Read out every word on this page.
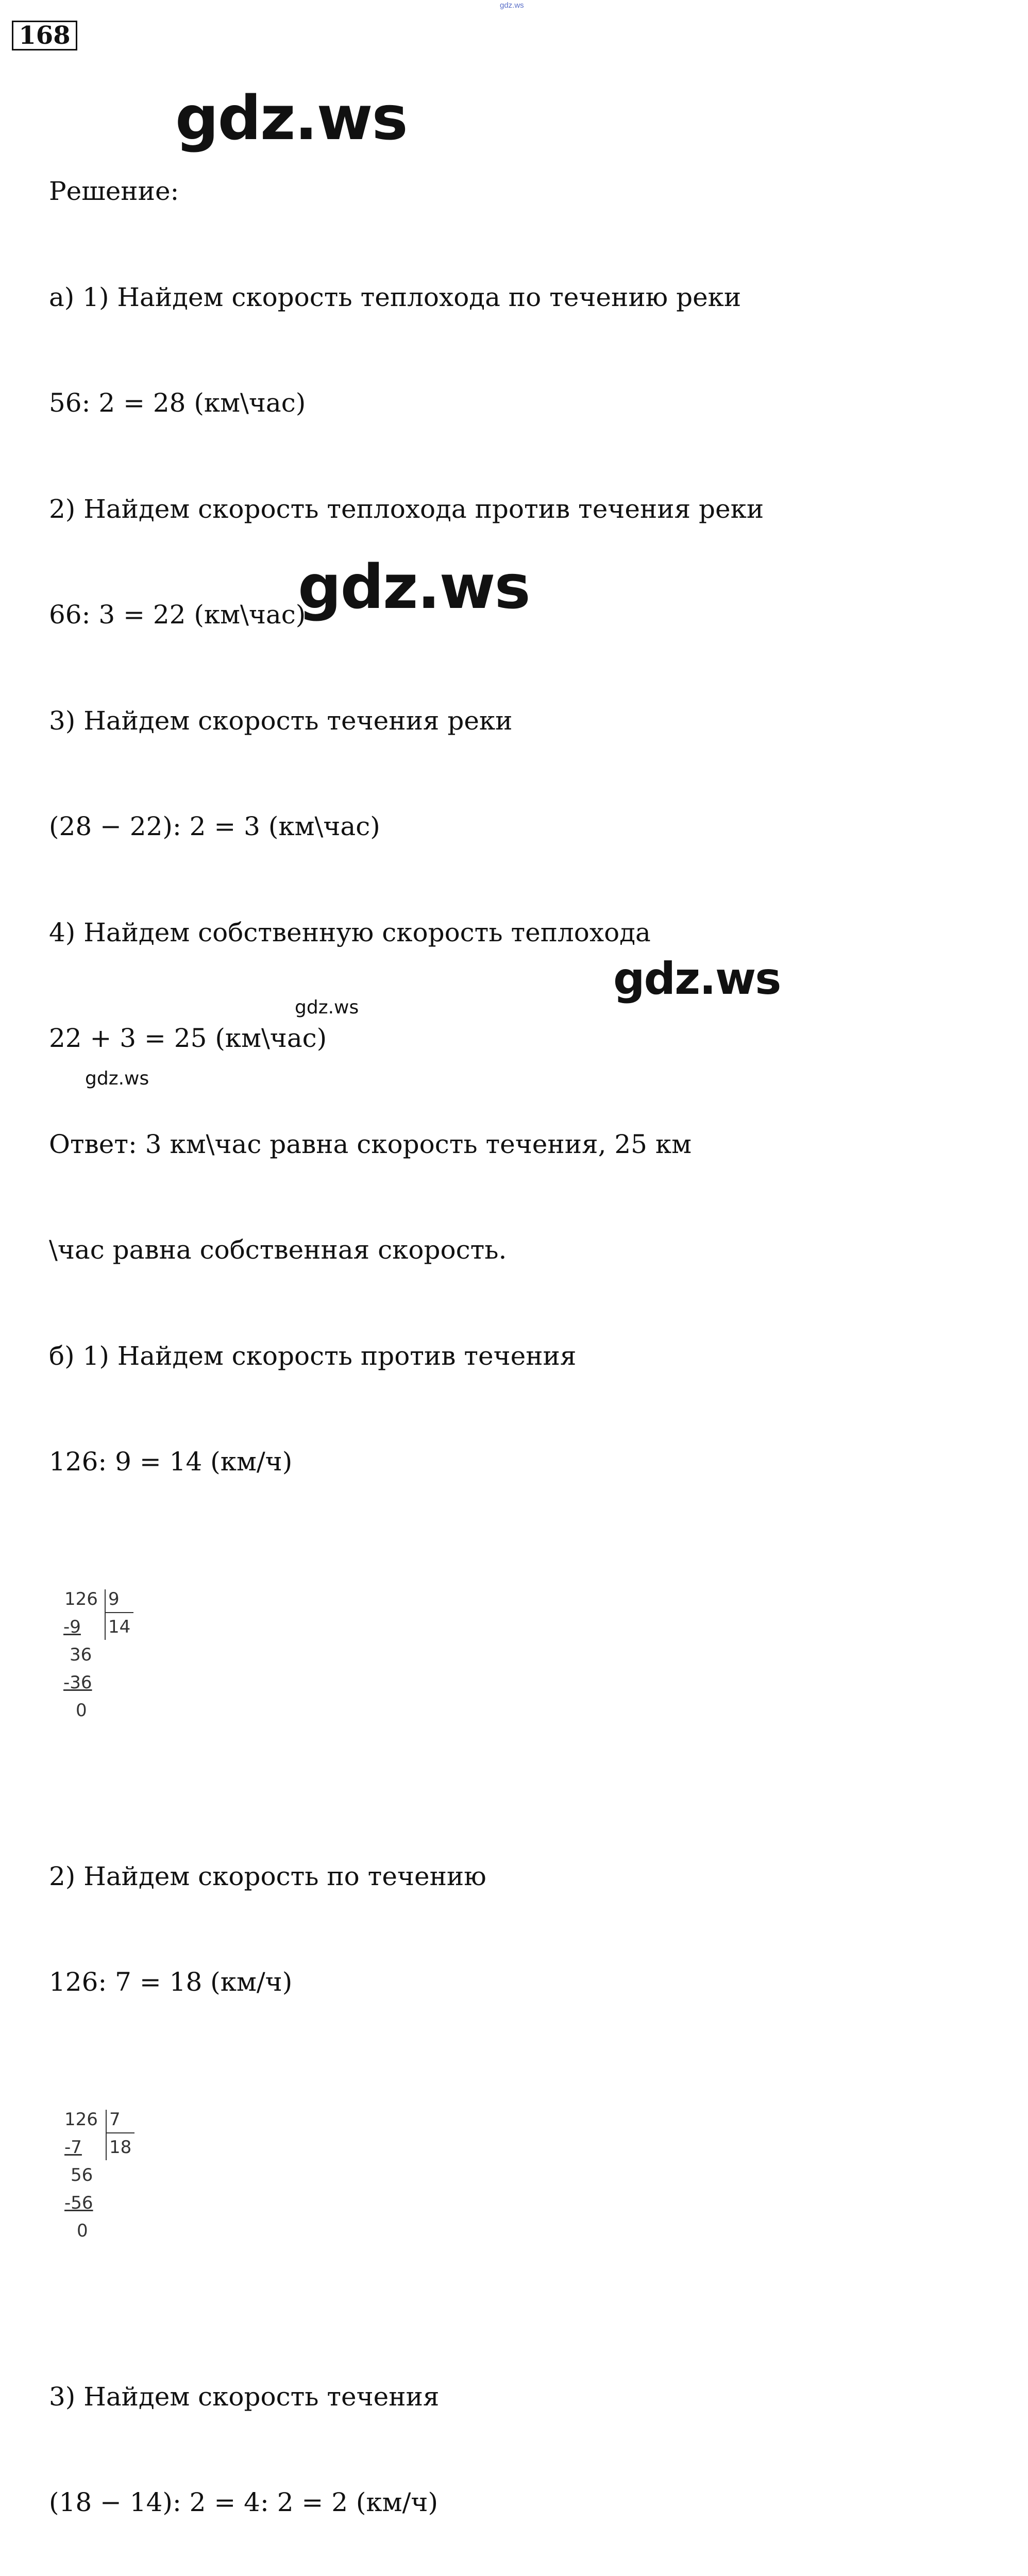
gdz.ws
168

Решение:

а) 1) Найдем скорость теплохода по течению реки

56: 2 = 28 (км\час)

2) Найдем скорость теплохода против течения реки

66: 3 = 22 (км\час)

3) Найдем скорость течения реки

(28 − 22): 2 = 3 (км\час)

4) Найдем собственную скорость теплохода

22 + 3 = 25 (км\час)

Ответ: 3 км\час равна скорость течения, 25 км

\час равна собственная скорость.

б) 1) Найдем скорость против течения

126: 9 = 14 (км/ч)

126

9

14

-9

36

-36

0

2) Найдем скорость по течению

126: 7 = 18 (км/ч)

126

7

18

-7

56

-56

0

3) Найдем скорость течения

(18 − 14): 2 = 4: 2 = 2 (км/ч)

gdz.ws
gdz.ws
gdz.ws
gdz.ws
gdz.ws
